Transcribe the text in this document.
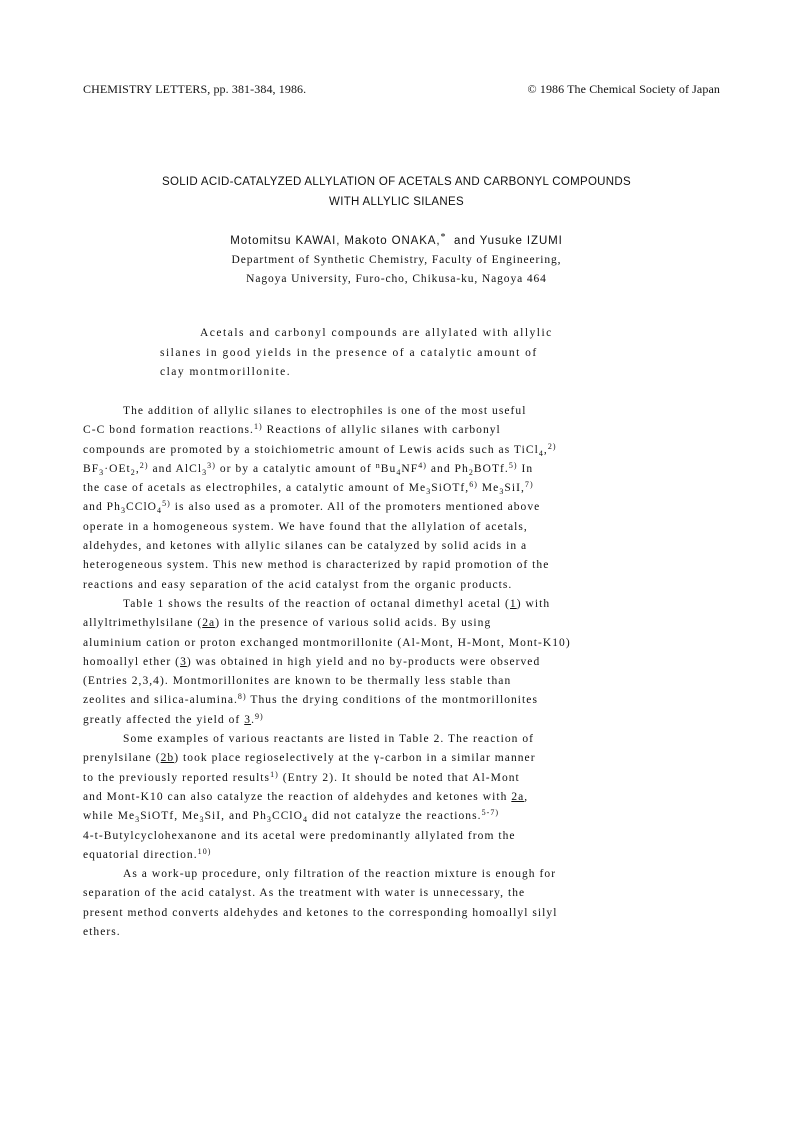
CHEMISTRY LETTERS, pp. 381-384, 1986.	© 1986 The Chemical Society of Japan
SOLID ACID-CATALYZED ALLYLATION OF ACETALS AND CARBONYL COMPOUNDS
WITH ALLYLIC SILANES
Motomitsu KAWAI, Makoto ONAKA,* and Yusuke IZUMI
Department of Synthetic Chemistry, Faculty of Engineering,
Nagoya University, Furo-cho, Chikusa-ku, Nagoya 464
Acetals and carbonyl compounds are allylated with allylic
silanes in good yields in the presence of a catalytic amount of
clay montmorillonite.
The addition of allylic silanes to electrophiles is one of the most useful
C-C bond formation reactions.$^{1)}$ Reactions of allylic silanes with carbonyl
compounds are promoted by a stoichiometric amount of Lewis acids such as TiCl$_4$,$^{2)}$
$BF_3\cdot OEt_2,^{2)}$ and AlCl$_3^{3)}$ or by a catalytic amount of $^nBu_4NF^{4)}$ and $Ph_2BOTf.^{5)}$ In
the case of acetals as electrophiles, a catalytic amount of $Me_3SiOTf,^{6)}$ $Me_3SiI,^{7)}$
and $Ph_3CClO_4^{5)}$ is also used as a promoter. All of the promoters mentioned above
operate in a homogeneous system. We have found that the allylation of acetals,
aldehydes, and ketones with allylic silanes can be catalyzed by solid acids in a
heterogeneous system. This new method is characterized by rapid promotion of the
reactions and easy separation of the acid catalyst from the organic products.
Table 1 shows the results of the reaction of octanal dimethyl acetal (1) with
allyltrimethylsilane (2a) in the presence of various solid acids. By using
aluminium cation or proton exchanged montmorillonite (Al-Mont, H-Mont, Mont-K10)
homoallyl ether (3) was obtained in high yield and no by-products were observed
(Entries 2,3,4). Montmorillonites are known to be thermally less stable than
zeolites and silica-alumina.$^{8)}$ Thus the drying conditions of the montmorillonites
greatly affected the yield of 3.$^{9)}$
Some examples of various reactants are listed in Table 2. The reaction of
prenylsilane (2b) took place regioselectively at the γ-carbon in a similar manner
to the previously reported results$^{1)}$ (Entry 2). It should be noted that Al-Mont
and Mont-K10 can also catalyze the reaction of aldehydes and ketones with 2a,
while $Me_3SiOTf$, $Me_3SiI$, and $Ph_3CClO_4$ did not catalyze the reactions.$^{5-7)}$
4-t-Butylcyclohexanone and its acetal were predominantly allylated from the
equatorial direction.$^{10)}$
As a work-up procedure, only filtration of the reaction mixture is enough for
separation of the acid catalyst. As the treatment with water is unnecessary, the
present method converts aldehydes and ketones to the corresponding homoallyl silyl
ethers.
